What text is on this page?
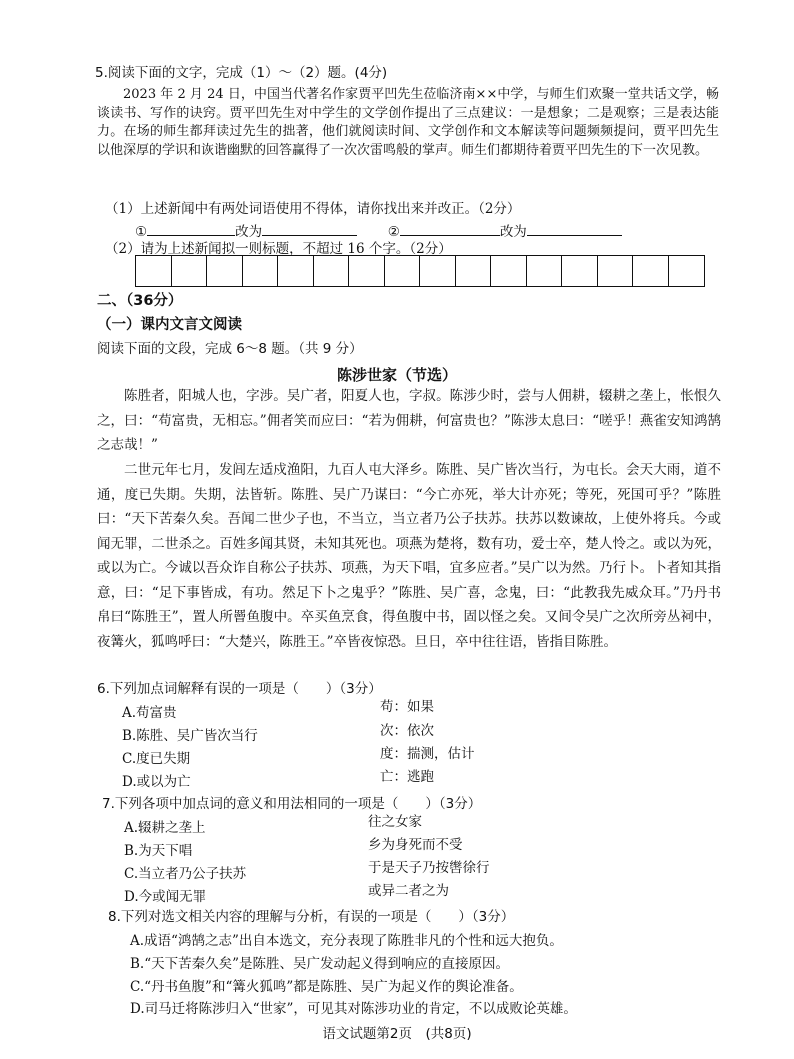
5.阅读下面的文字，完成（1）～（2）题。(4分)
2023 年 2 月 24 日，中国当代著名作家贾平凹先生莅临济南××中学，与师生们欢聚一堂共话文学，畅谈读书、写作的诀窍。贾平凹先生对中学生的文学创作提出了三点建议：一是想象；二是观察；三是表达能力。在场的师生都拜读过先生的拙著，他们就阅读时间、文学创作和文本解读等问题频频提问，贾平凹先生以他深厚的学识和诙谐幽默的回答赢得了一次次雷鸣般的掌声。师生们都期待着贾平凹先生的下一次见教。
（1）上述新闻中有两处词语使用不得体，请你找出来并改正。（2分）
①	改为	②	改为
（2）请为上述新闻拟一则标题，不超过 16 个字。（2分）
二、（36分）
（一）课内文言文阅读
阅读下面的文段，完成 6～8 题。（共 9 分）
陈涉世家（节选）
陈胜者，阳城人也，字涉。吴广者，阳夏人也，字叔。陈涉少时，尝与人佣耕，辍耕之垄上，怅恨久之，曰：“苟富贵，无相忘。”佣者笑而应曰：“若为佣耕，何富贵也？”陈涉太息曰：“嗟乎！燕雀安知鸿鹄之志哉！”
二世元年七月，发闾左适戍渔阳，九百人屯大泽乡。陈胜、吴广皆次当行，为屯长。会天大雨，道不通，度已失期。失期，法皆斩。陈胜、吴广乃谋曰：“今亡亦死，举大计亦死；等死，死国可乎？”陈胜曰：“天下苦秦久矣。吾闻二世少子也，不当立，当立者乃公子扶苏。扶苏以数谏故，上使外将兵。今或闻无罪，二世杀之。百姓多闻其贤，未知其死也。项燕为楚将，数有功，爱士卒，楚人怜之。或以为死，或以为亡。今诚以吾众诈自称公子扶苏、项燕，为天下唱，宜多应者。”吴广以为然。乃行卜。卜者知其指意，曰：“足下事皆成，有功。然足下卜之鬼乎？”陈胜、吴广喜，念鬼，曰：“此教我先威众耳。”乃丹书帛曰“陈胜王”，置人所罾鱼腹中。卒买鱼烹食，得鱼腹中书，固以怪之矣。又间令吴广之次所旁丛祠中，夜篝火，狐鸣呼曰：“大楚兴，陈胜王。”卒皆夜惊恐。旦日，卒中往往语，皆指目陈胜。
6.下列加点词解释有误的一项是（　　）（3分）
A.苟富贵	苟：如果
B.陈胜、吴广皆次当行	次：依次
C.度已失期	度：揣测，估计
D.或以为亡	亡：逃跑
7.下列各项中加点词的意义和用法相同的一项是（　　）（3分）
A.辍耕之垄上	往之女家
B.为天下唱	乡为身死而不受
C.当立者乃公子扶苏	于是天子乃按辔徐行
D.今或闻无罪	或异二者之为
8.下列对选文相关内容的理解与分析，有误的一项是（　　）（3分）
A.成语“鸿鹄之志”出自本选文，充分表现了陈胜非凡的个性和远大抱负。
B.“天下苦秦久矣”是陈胜、吴广发动起义得到响应的直接原因。
C.“丹书鱼腹”和“篝火狐鸣”都是陈胜、吴广为起义作的舆论准备。
D.司马迁将陈涉归入“世家”，可见其对陈涉功业的肯定，不以成败论英雄。
语文试题第2页　(共8页)
